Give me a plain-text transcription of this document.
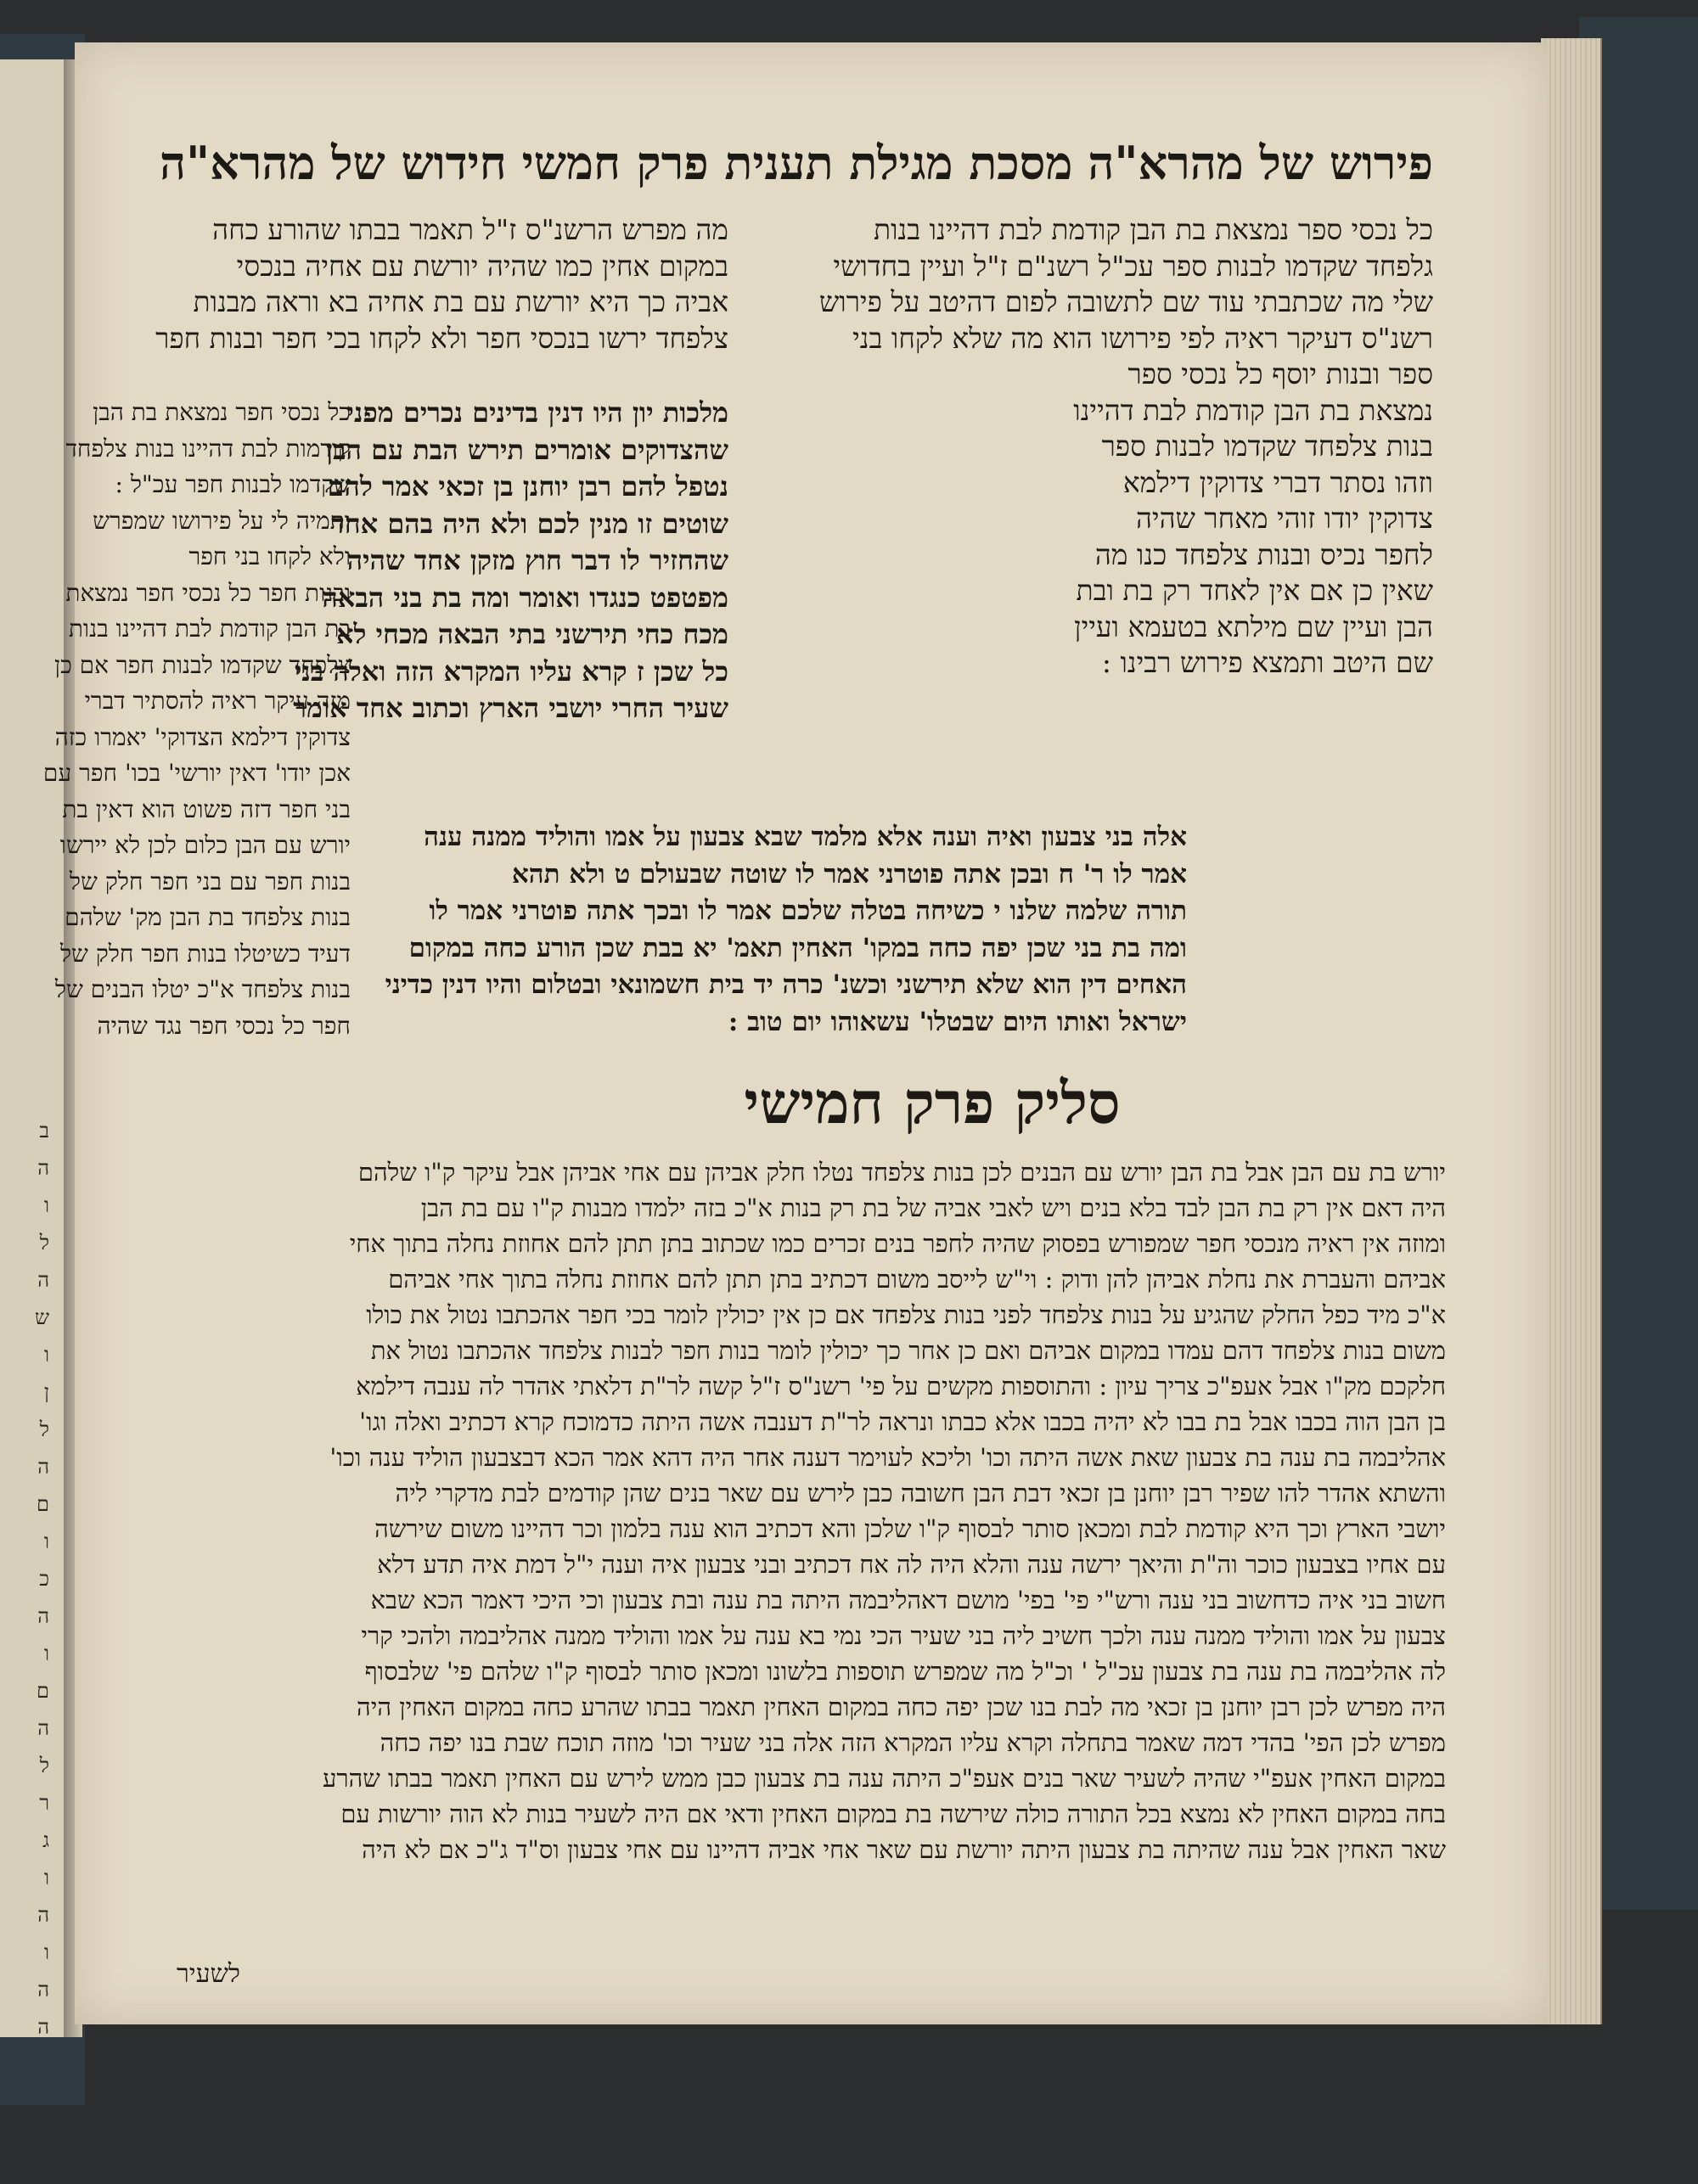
ב
ה
ו
ל
ה
ש
ו
ן
ל
ה
ם
ו
כ
ה
ו
ם
ה
ל
ר
ג
ו
ה
ו
ה
ה
פירוש של מהרא"ה
מסכת מגילת תענית פרק חמשי
חידוש של מהרא"ה
כל נכסי ספר נמצאת בת הבן קודמת לבת דהיינו בנות
גלפחד שקדמו לבנות ספר עכ"ל רשנ"ם ז"ל ועיין בחדושי
שלי מה שכתבתי עוד שם לתשובה לפום דהיטב על פירוש
רשנ"ס דעיקר ראיה לפי פירושו הוא מה שלא לקחו בני
ספר ובנות יוסף כל נכסי ספר
נמצאת בת הבן קודמת לבת דהיינו
בנות צלפחד שקדמו לבנות ספר
וזהו נסתר דברי צדוקין דילמא
צדוקין יודו זוהי מאחר שהיה
לחפר נכיס ובנות צלפחד כנו מה
שאין כן אם אין לאחד רק בת ובת
הבן ועיין שם מילתא בטעמא ועיין
שם היטב ותמצא פירוש רבינו :
מה מפרש הרשנ"ס ז"ל תאמר בבתו שהורע כחה
במקום אחין כמו שהיה יורשת עם אחיה בנכסי
אביה כך היא יורשת עם בת אחיה בא וראה מבנות
צלפחד ירשו בנכסי חפר ולא לקחו בכי חפר ובנות חפר
מלכות יון היו דנין בדינים נכרים מפני
שהצדוקים אומרים תירש הבת עם הבן
נטפל להם רבן יוחנן בן זכאי אמר להם
שוטים זו מנין לכם ולא היה בהם אחד
שהחזיר לו דבר חוץ מזקן אחד שהיה
מפטפט כנגדו ואומר ומה בת בני הבאה
מכח כחי תירשני בתי הבאה מכחי לא
כל שכן ז קרא עליו המקרא הזה ואלה בני
שעיר החרי יושבי הארץ וכתוב אחד אומר
כל נכסי חפר נמצאת בת הבן
קודמות לבת דהיינו בנות צלפחד
שקדמו לבנות חפר עכ"ל :
ותמיה לי על פירושו שמפרש
ולא לקחו בני חפר
ובנות חפר כל נכסי חפר נמצאת
בת הבן קודמת לבת דהיינו בנות
צלפחד שקדמו לבנות חפר אם כן
מזה עיקר ראיה להסתיר דברי
צדוקין דילמא הצדוקי' יאמרו כזה
אכן יודו' דאין יורשי' בכו' חפר עם
בני חפר דזה פשוט הוא דאין בת
יורש עם הבן כלום לכן לא יירשו
בנות חפר עם בני חפר חלק של
בנות צלפחד בת הבן מק' שלהם
דעיד כשיטלו בנות חפר חלק של
בנות צלפחד א"כ יטלו הבנים של
חפר כל נכסי חפר נגד שהיה
אלה בני צבעון ואיה וענה אלא מלמד שבא צבעון על אמו והוליד ממנה ענה
אמר לו ר' ח ובכן אתה פוטרני אמר לו שוטה שבעולם ט ולא תהא
תורה שלמה שלנו י כשיחה בטלה שלכם אמר לו ובכך אתה פוטרני אמר לו
ומה בת בני שכן יפה כחה במקו' האחין תאמ' יא בבת שכן הורע כחה במקום
האחים דין הוא שלא תירשני וכשנ' כרה יד בית חשמונאי ובטלום והיו דנין כדיני
ישראל ואותו היום שבטלו' עשאוהו יום טוב :
סליק פרק חמישי
יורש בת עם הבן אבל בת הבן יורש עם הבנים לכן בנות צלפחד נטלו חלק אביהן עם אחי אביהן אבל עיקר ק"ו שלהם
היה דאם אין רק בת הבן לבד בלא בנים ויש לאבי אביה של בת רק בנות א"כ בזה ילמדו מבנות ק"ו עם בת הבן
ומוזה אין ראיה מנכסי חפר שמפורש בפסוק שהיה לחפר בנים זכרים כמו שכתוב בתן תתן להם אחוזת נחלה בתוך אחי
אביהם והעברת את נחלת אביהן להן ודוק : וי"ש לייסב משום דכתיב בתן תתן להם אחוזת נחלה בתוך אחי אביהם
א"כ מיד כפל החלק שהגיע על בנות צלפחד לפני בנות צלפחד אם כן אין יכולין לומר בכי חפר אהכתבו נטול את כולו
משום בנות צלפחד דהם עמדו במקום אביהם ואם כן אחר כך יכולין לומר בנות חפר לבנות צלפחד אהכתבו נטול את
חלקכם מק"ו אבל אעפ"כ צריך עיון : והתוספות מקשים על פי' רשנ"ס ז"ל קשה לר"ת דלאתי אהדר לה ענבה דילמא
בן הבן הוה בכבו אבל בת בבו לא יהיה בכבו אלא כבתו ונראה לר"ת דענבה אשה היתה כדמוכח קרא דכתיב ואלה וגו'
אהליבמה בת ענה בת צבעון שאת אשה היתה וכו' וליכא לעוימר דענה אחר היה דהא אמר הכא דבצבעון הוליד ענה וכו'
והשתא אהדר להו שפיר רבן יוחנן בן זכאי דבת הבן חשובה כבן לירש עם שאר בנים שהן קודמים לבת מדקרי ליה
יושבי הארץ וכך היא קודמת לבת ומכאן סותר לבסוף ק"ו שלכן והא דכתיב הוא ענה בלמון וכר דהיינו משום שירשה
עם אחיו בצבעון כוכר וה"ת והיאך ירשה ענה והלא היה לה אח דכתיב ובני צבעון איה וענה י"ל דמת איה תדע דלא
חשוב בני איה כדחשוב בני ענה ורש"י פי' בפי' מושם דאהליבמה היתה בת ענה ובת צבעון וכי היכי דאמר הכא שבא
צבעון על אמו והוליד ממנה ענה ולכך חשיב ליה בני שעיר הכי נמי בא ענה על אמו והוליד ממנה אהליבמה ולהכי קרי
לה אהליבמה בת ענה בת צבעון עכ"ל ' וכ"ל מה שמפרש תוספות בלשונו ומכאן סותר לבסוף ק"ו שלהם פי' שלבסוף
היה מפרש לכן רבן יוחנן בן זכאי מה לבת בנו שכן יפה כחה במקום האחין תאמר בבתו שהרע כחה במקום האחין היה
מפרש לכן הפי' בהדי דמה שאמר בתחלה וקרא עליו המקרא הזה אלה בני שעיר וכו' מוזה תוכח שבת בנו יפה כחה
במקום האחין אעפ"י שהיה לשעיר שאר בנים אעפ"כ היתה ענה בת צבעון כבן ממש לירש עם האחין תאמר בבתו שהרע
בחה במקום האחין לא נמצא בכל התורה כולה שירשה בת במקום האחין ודאי אם היה לשעיר בנות לא הוה יורשות עם
שאר האחין אבל ענה שהיתה בת צבעון היתה יורשת עם שאר אחי אביה דהיינו עם אחי צבעון וס"ד ג"כ אם לא היה
לשעיר
